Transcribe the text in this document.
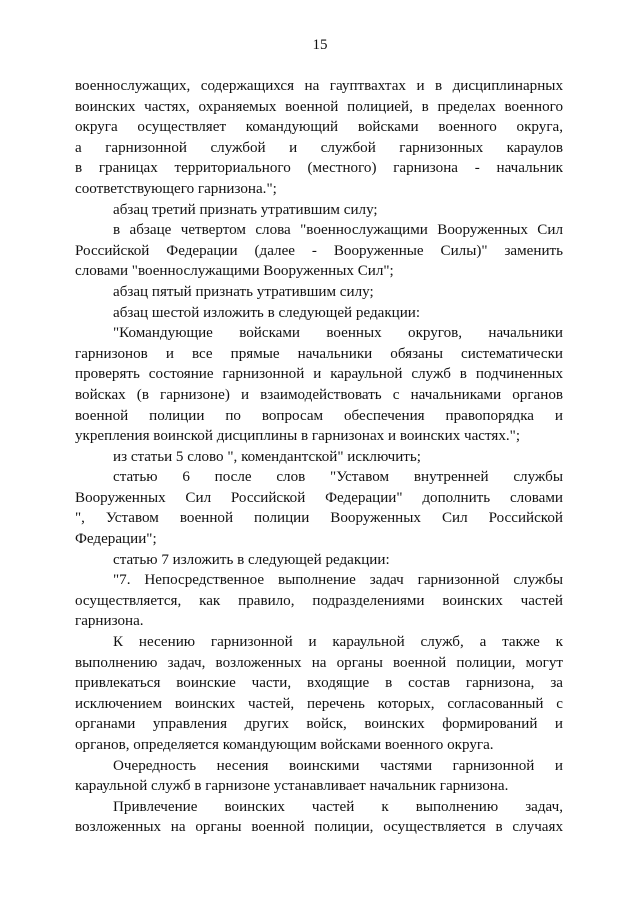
15
военнослужащих, содержащихся на гауптвахтах и в дисциплинарных
воинских частях, охраняемых военной полицией, в пределах военного
округа осуществляет командующий войсками военного округа,
а гарнизонной службой и службой гарнизонных караулов
в границах территориального (местного) гарнизона - начальник
соответствующего гарнизона.";
абзац третий признать утратившим силу;
в абзаце четвертом слова "военнослужащими Вооруженных Сил
Российской Федерации (далее - Вооруженные Силы)" заменить
словами "военнослужащими Вооруженных Сил";
абзац пятый признать утратившим силу;
абзац шестой изложить в следующей редакции:
"Командующие войсками военных округов, начальники
гарнизонов и все прямые начальники обязаны систематически
проверять состояние гарнизонной и караульной служб в подчиненных
войсках (в гарнизоне) и взаимодействовать с начальниками органов
военной полиции по вопросам обеспечения правопорядка и
укрепления воинской дисциплины в гарнизонах и воинских частях.";
из статьи 5 слово ", комендантской" исключить;
статью 6 после слов "Уставом внутренней службы
Вооруженных Сил Российской Федерации" дополнить словами
", Уставом военной полиции Вооруженных Сил Российской
Федерации";
статью 7 изложить в следующей редакции:
"7. Непосредственное выполнение задач гарнизонной службы
осуществляется, как правило, подразделениями воинских частей
гарнизона.
К несению гарнизонной и караульной служб, а также к
выполнению задач, возложенных на органы военной полиции, могут
привлекаться воинские части, входящие в состав гарнизона, за
исключением воинских частей, перечень которых, согласованный с
органами управления других войск, воинских формирований и
органов, определяется командующим войсками военного округа.
Очередность несения воинскими частями гарнизонной и
караульной служб в гарнизоне устанавливает начальник гарнизона.
Привлечение воинских частей к выполнению задач,
возложенных на органы военной полиции, осуществляется в случаях
